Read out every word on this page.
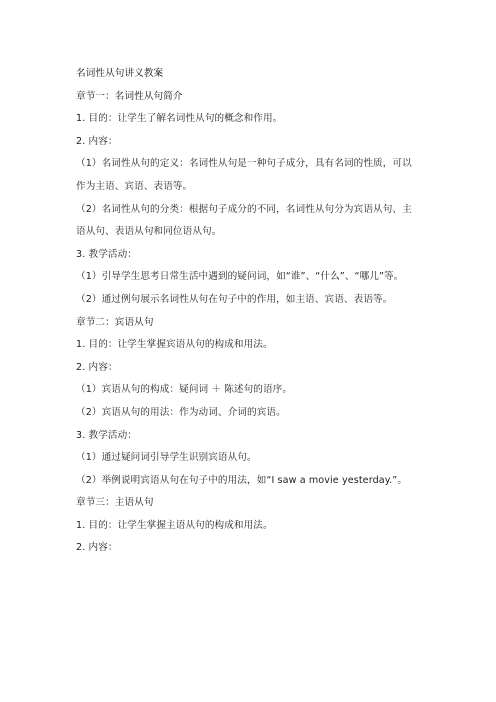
名词性从句讲义教案
章节一：名词性从句简介
1. 目的：让学生了解名词性从句的概念和作用。
2. 内容：
（1）名词性从句的定义：名词性从句是一种句子成分，具有名词的性质，可以
作为主语、宾语、表语等。
（2）名词性从句的分类：根据句子成分的不同，名词性从句分为宾语从句、主
语从句、表语从句和同位语从句。
3. 教学活动：
（1）引导学生思考日常生活中遇到的疑问词，如“谁”、“什么”、“哪儿”等。
（2）通过例句展示名词性从句在句子中的作用，如主语、宾语、表语等。
章节二：宾语从句
1. 目的：让学生掌握宾语从句的构成和用法。
2. 内容：
（1）宾语从句的构成：疑问词 ＋ 陈述句的语序。
（2）宾语从句的用法：作为动词、介词的宾语。
3. 教学活动：
（1）通过疑问词引导学生识别宾语从句。
（2）举例说明宾语从句在句子中的用法，如“I saw a movie yesterday.”。
章节三：主语从句
1. 目的：让学生掌握主语从句的构成和用法。
2. 内容：
